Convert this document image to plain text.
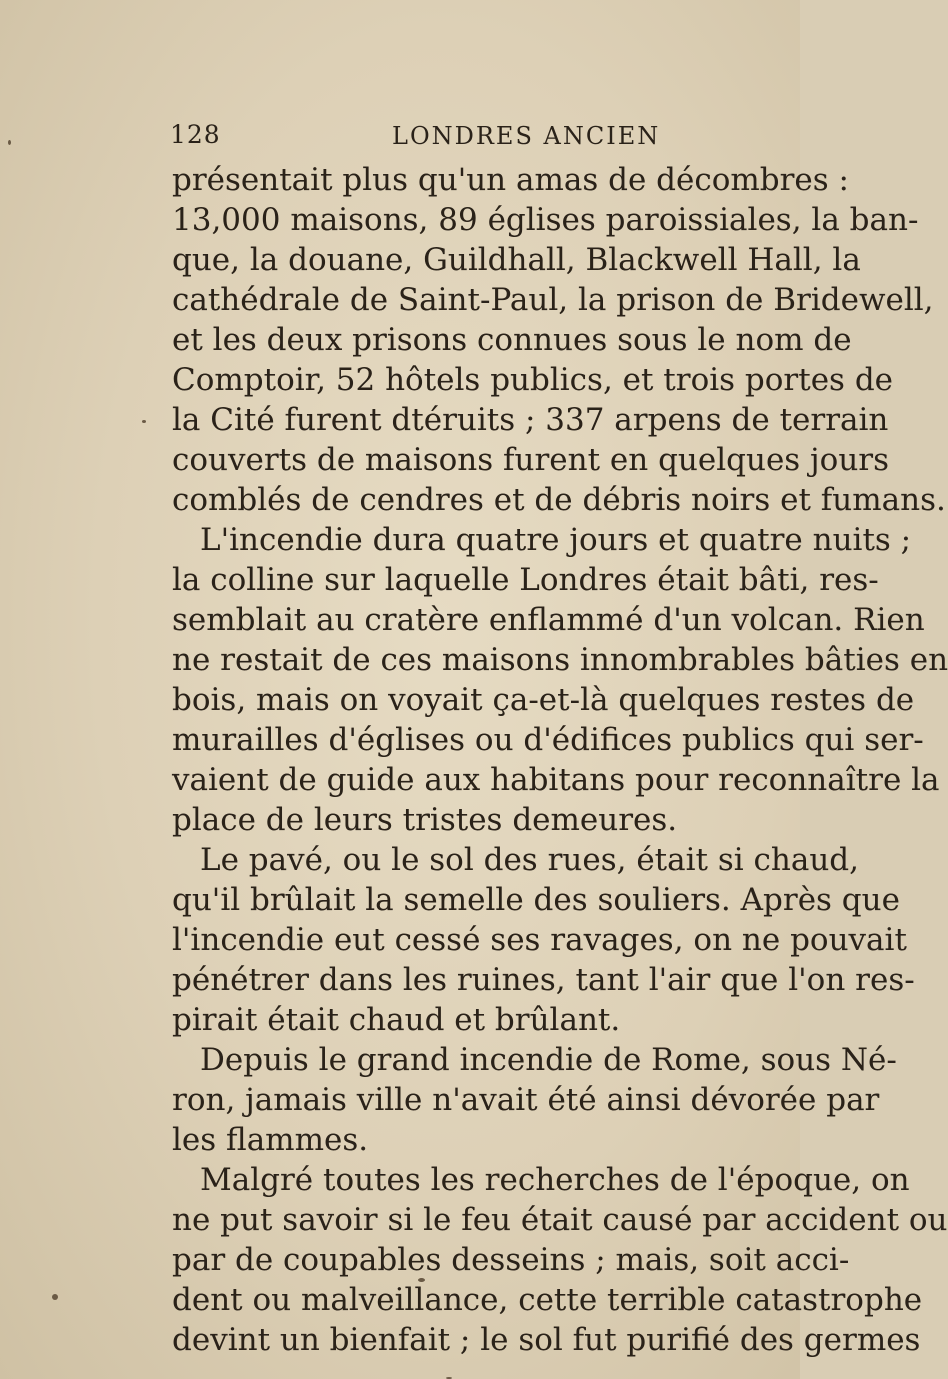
128	LONDRES ANCIEN
présentait plus qu'un amas de décombres :
13,000 maisons, 89 églises paroissiales, la ban-
que, la douane, Guildhall, Blackwell Hall, la
cathédrale de Saint-Paul, la prison de Bridewell,
et les deux prisons connues sous le nom de
Comptoir, 52 hôtels publics, et trois portes de
la Cité furent dtéruits ; 337 arpens de terrain
couverts de maisons furent en quelques jours
comblés de cendres et de débris noirs et fumans.
L'incendie dura quatre jours et quatre nuits ;
la colline sur laquelle Londres était bâti, res-
semblait au cratère enflammé d'un volcan. Rien
ne restait de ces maisons innombrables bâties en
bois, mais on voyait ça-et-là quelques restes de
murailles d'églises ou d'édifices publics qui ser-
vaient de guide aux habitans pour reconnaître la
place de leurs tristes demeures.
Le pavé, ou le sol des rues, était si chaud,
qu'il brûlait la semelle des souliers. Après que
l'incendie eut cessé ses ravages, on ne pouvait
pénétrer dans les ruines, tant l'air que l'on res-
pirait était chaud et brûlant.
Depuis le grand incendie de Rome, sous Né-
ron, jamais ville n'avait été ainsi dévorée par
les flammes.
Malgré toutes les recherches de l'époque, on
ne put savoir si le feu était causé par accident ou
par de coupables desseins ; mais, soit acci-
dent ou malveillance, cette terrible catastrophe
devint un bienfait ; le sol fut purifié des germes
